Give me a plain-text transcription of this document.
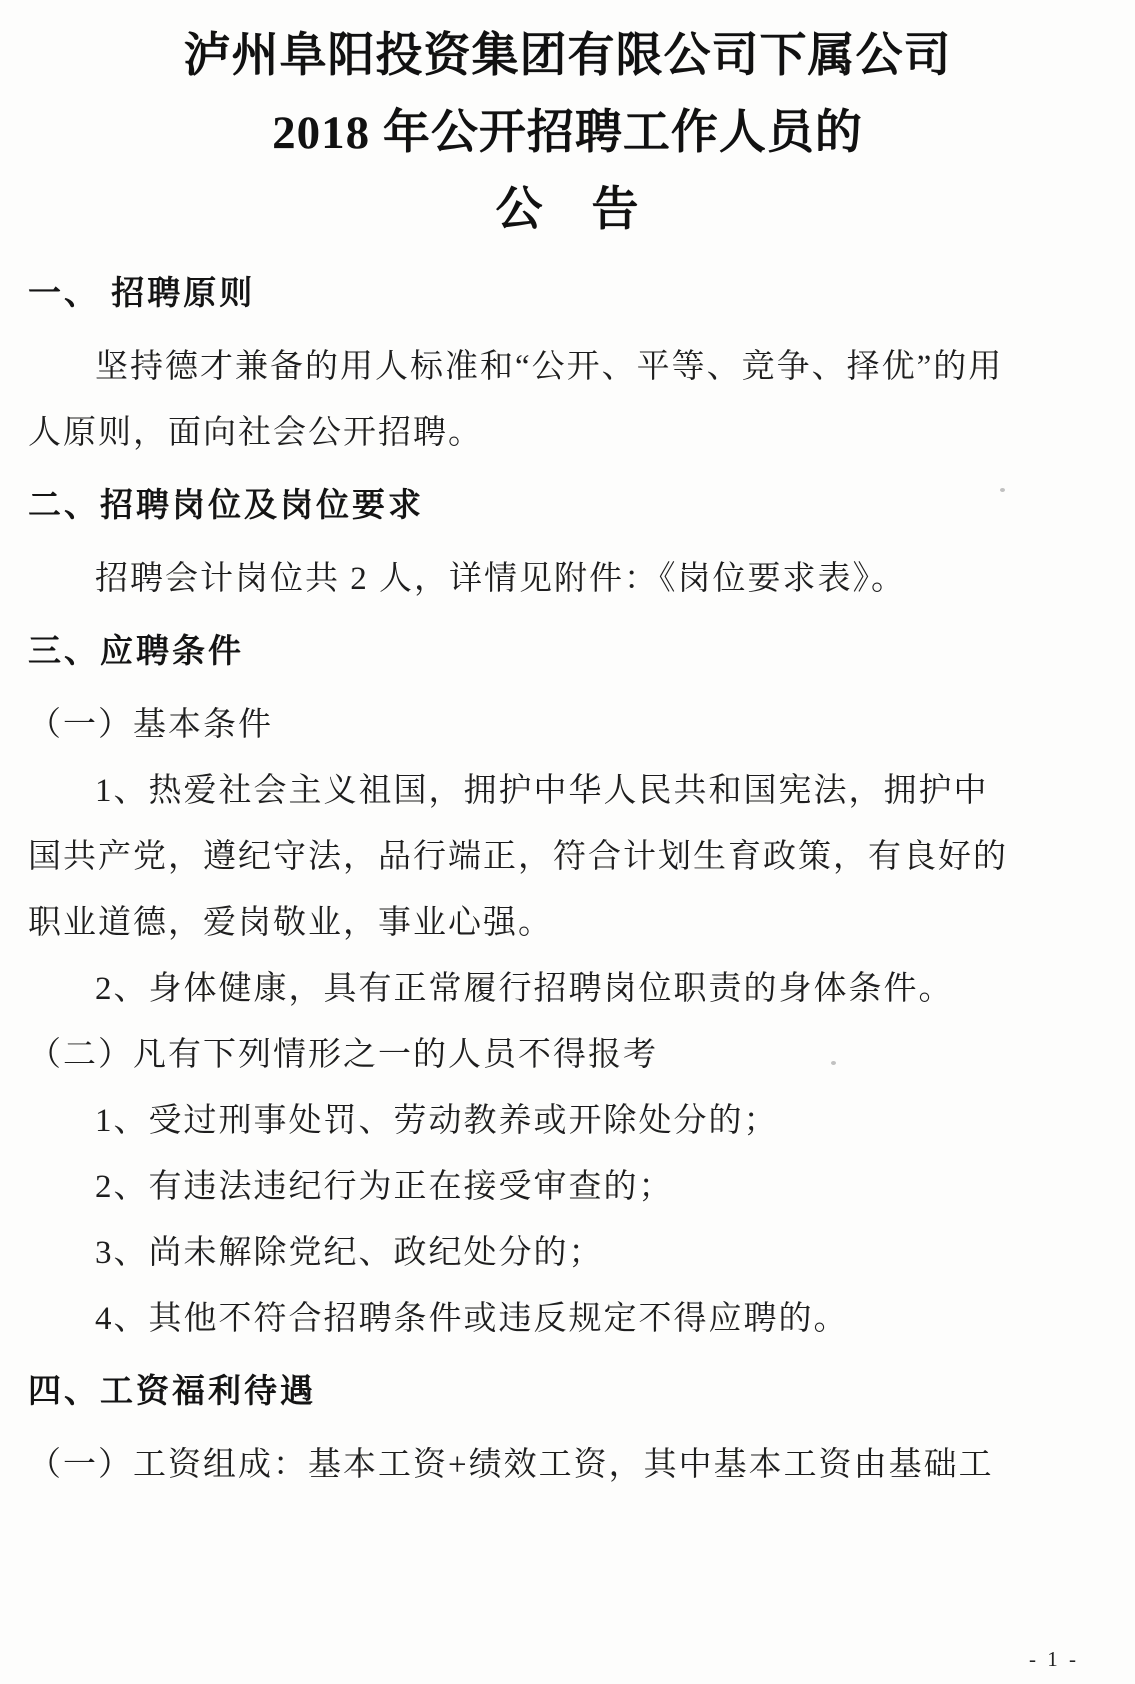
泸州阜阳投资集团有限公司下属公司
2018 年公开招聘工作人员的
公　告
一、 招聘原则
坚持德才兼备的用人标准和“公开、平等、竞争、择优”的用
人原则，面向社会公开招聘。
二、招聘岗位及岗位要求
招聘会计岗位共 2 人，详情见附件：《岗位要求表》。
三、应聘条件
（一）基本条件
1、热爱社会主义祖国，拥护中华人民共和国宪法，拥护中
国共产党，遵纪守法，品行端正，符合计划生育政策，有良好的
职业道德，爱岗敬业，事业心强。
2、身体健康，具有正常履行招聘岗位职责的身体条件。
（二）凡有下列情形之一的人员不得报考
1、受过刑事处罚、劳动教养或开除处分的；
2、有违法违纪行为正在接受审查的；
3、尚未解除党纪、政纪处分的；
4、其他不符合招聘条件或违反规定不得应聘的。
四、工资福利待遇
（一）工资组成：基本工资+绩效工资，其中基本工资由基础工
- 1 -
